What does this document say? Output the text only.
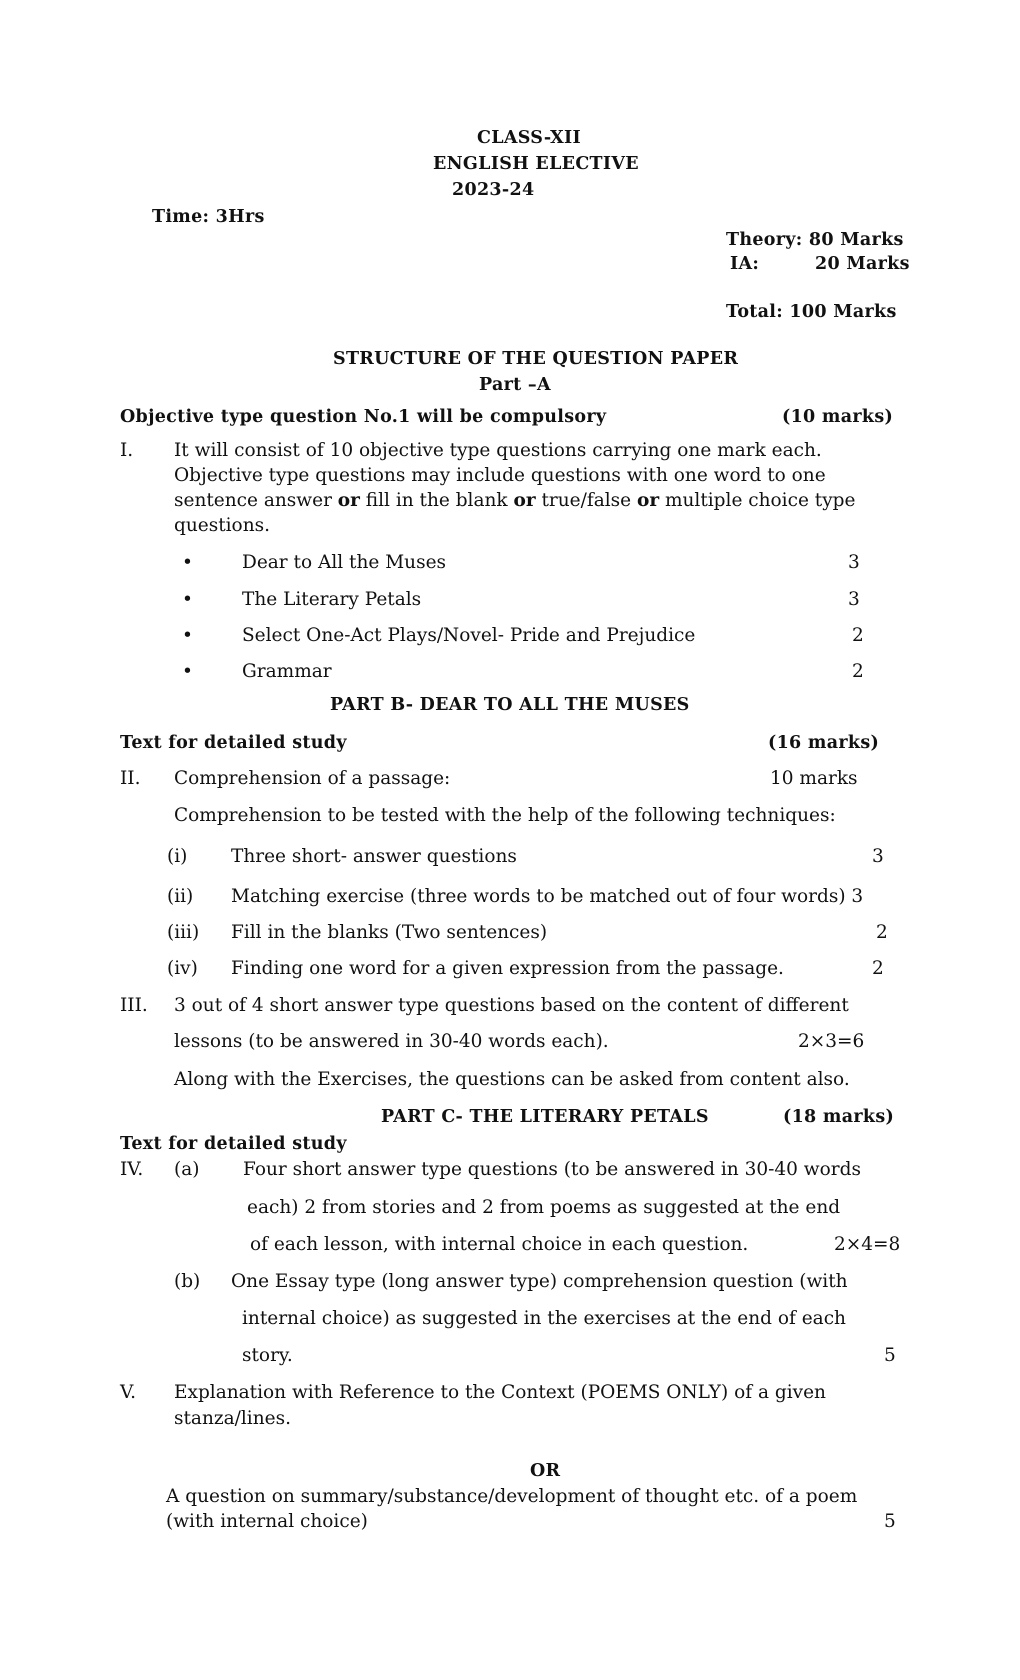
CLASS-XII
ENGLISH ELECTIVE
2023-24
Time: 3Hrs
Theory: 80 Marks
IA:	20 Marks
Total: 100 Marks
STRUCTURE OF THE QUESTION PAPER
Part –A
Objective type question No.1 will be compulsory	(10 marks)
I. It will consist of 10 objective type questions carrying one mark each.
Objective type questions may include questions with one word to one
sentence answer or fill in the blank or true/false or multiple choice type
questions.
•	Dear to All the Muses	3
•	The Literary Petals	3
•	Select One-Act Plays/Novel- Pride and Prejudice	2
•	Grammar	2
PART B- DEAR TO ALL THE MUSES
Text for detailed study	(16 marks)
II. Comprehension of a passage:	10 marks
Comprehension to be tested with the help of the following techniques:
(i) Three short- answer questions	3
(ii) Matching exercise (three words to be matched out of four words) 3
(iii) Fill in the blanks (Two sentences)	2
(iv) Finding one word for a given expression from the passage.	2
III. 3 out of 4 short answer type questions based on the content of different
lessons (to be answered in 30-40 words each).	2×3=6
Along with the Exercises, the questions can be asked from content also.
PART C- THE LITERARY PETALS	(18 marks)
Text for detailed study
IV. (a) Four short answer type questions (to be answered in 30-40 words
each) 2 from stories and 2 from poems as suggested at the end
of each lesson, with internal choice in each question.	2×4=8
(b) One Essay type (long answer type) comprehension question (with
internal choice) as suggested in the exercises at the end of each
story.	5
V. Explanation with Reference to the Context (POEMS ONLY) of a given
stanza/lines.
OR
A question on summary/substance/development of thought etc. of a poem
(with internal choice)	5
